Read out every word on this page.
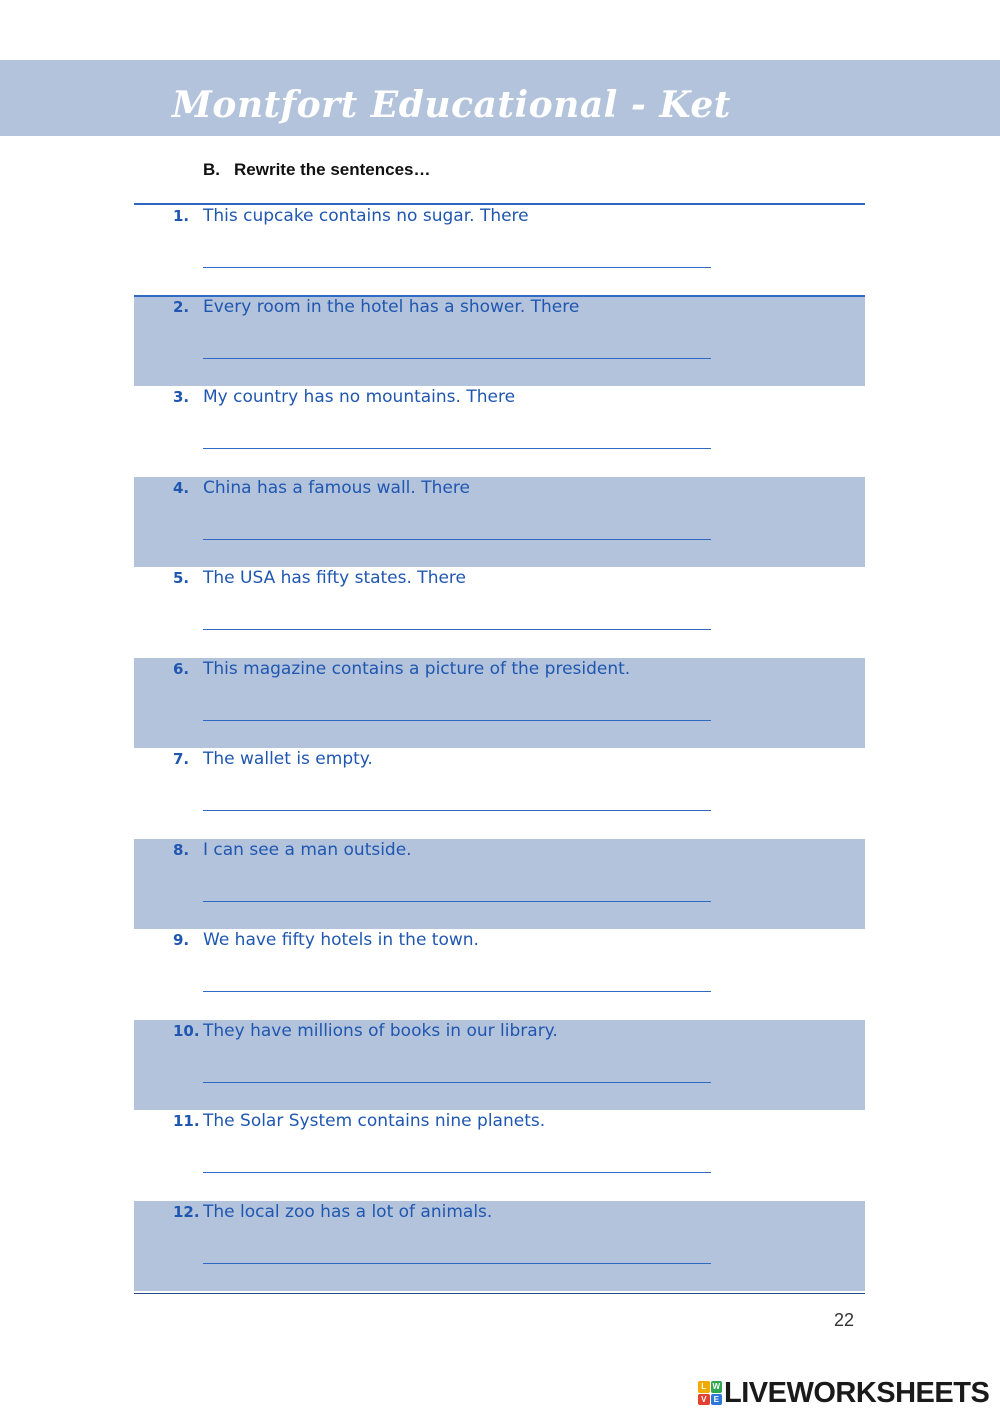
Montfort Educational - Ket
B. Rewrite the sentences…
1. This cupcake contains no sugar. There
2. Every room in the hotel has a shower. There
3. My country has no mountains. There
4. China has a famous wall. There
5. The USA has fifty states. There
6. This magazine contains a picture of the president.
7. The wallet is empty.
8. I can see a man outside.
9. We have fifty hotels in the town.
10. They have millions of books in our library.
11. The Solar System contains nine planets.
12. The local zoo has a lot of animals.
22
L W
V E LIVEWORKSHEETS
